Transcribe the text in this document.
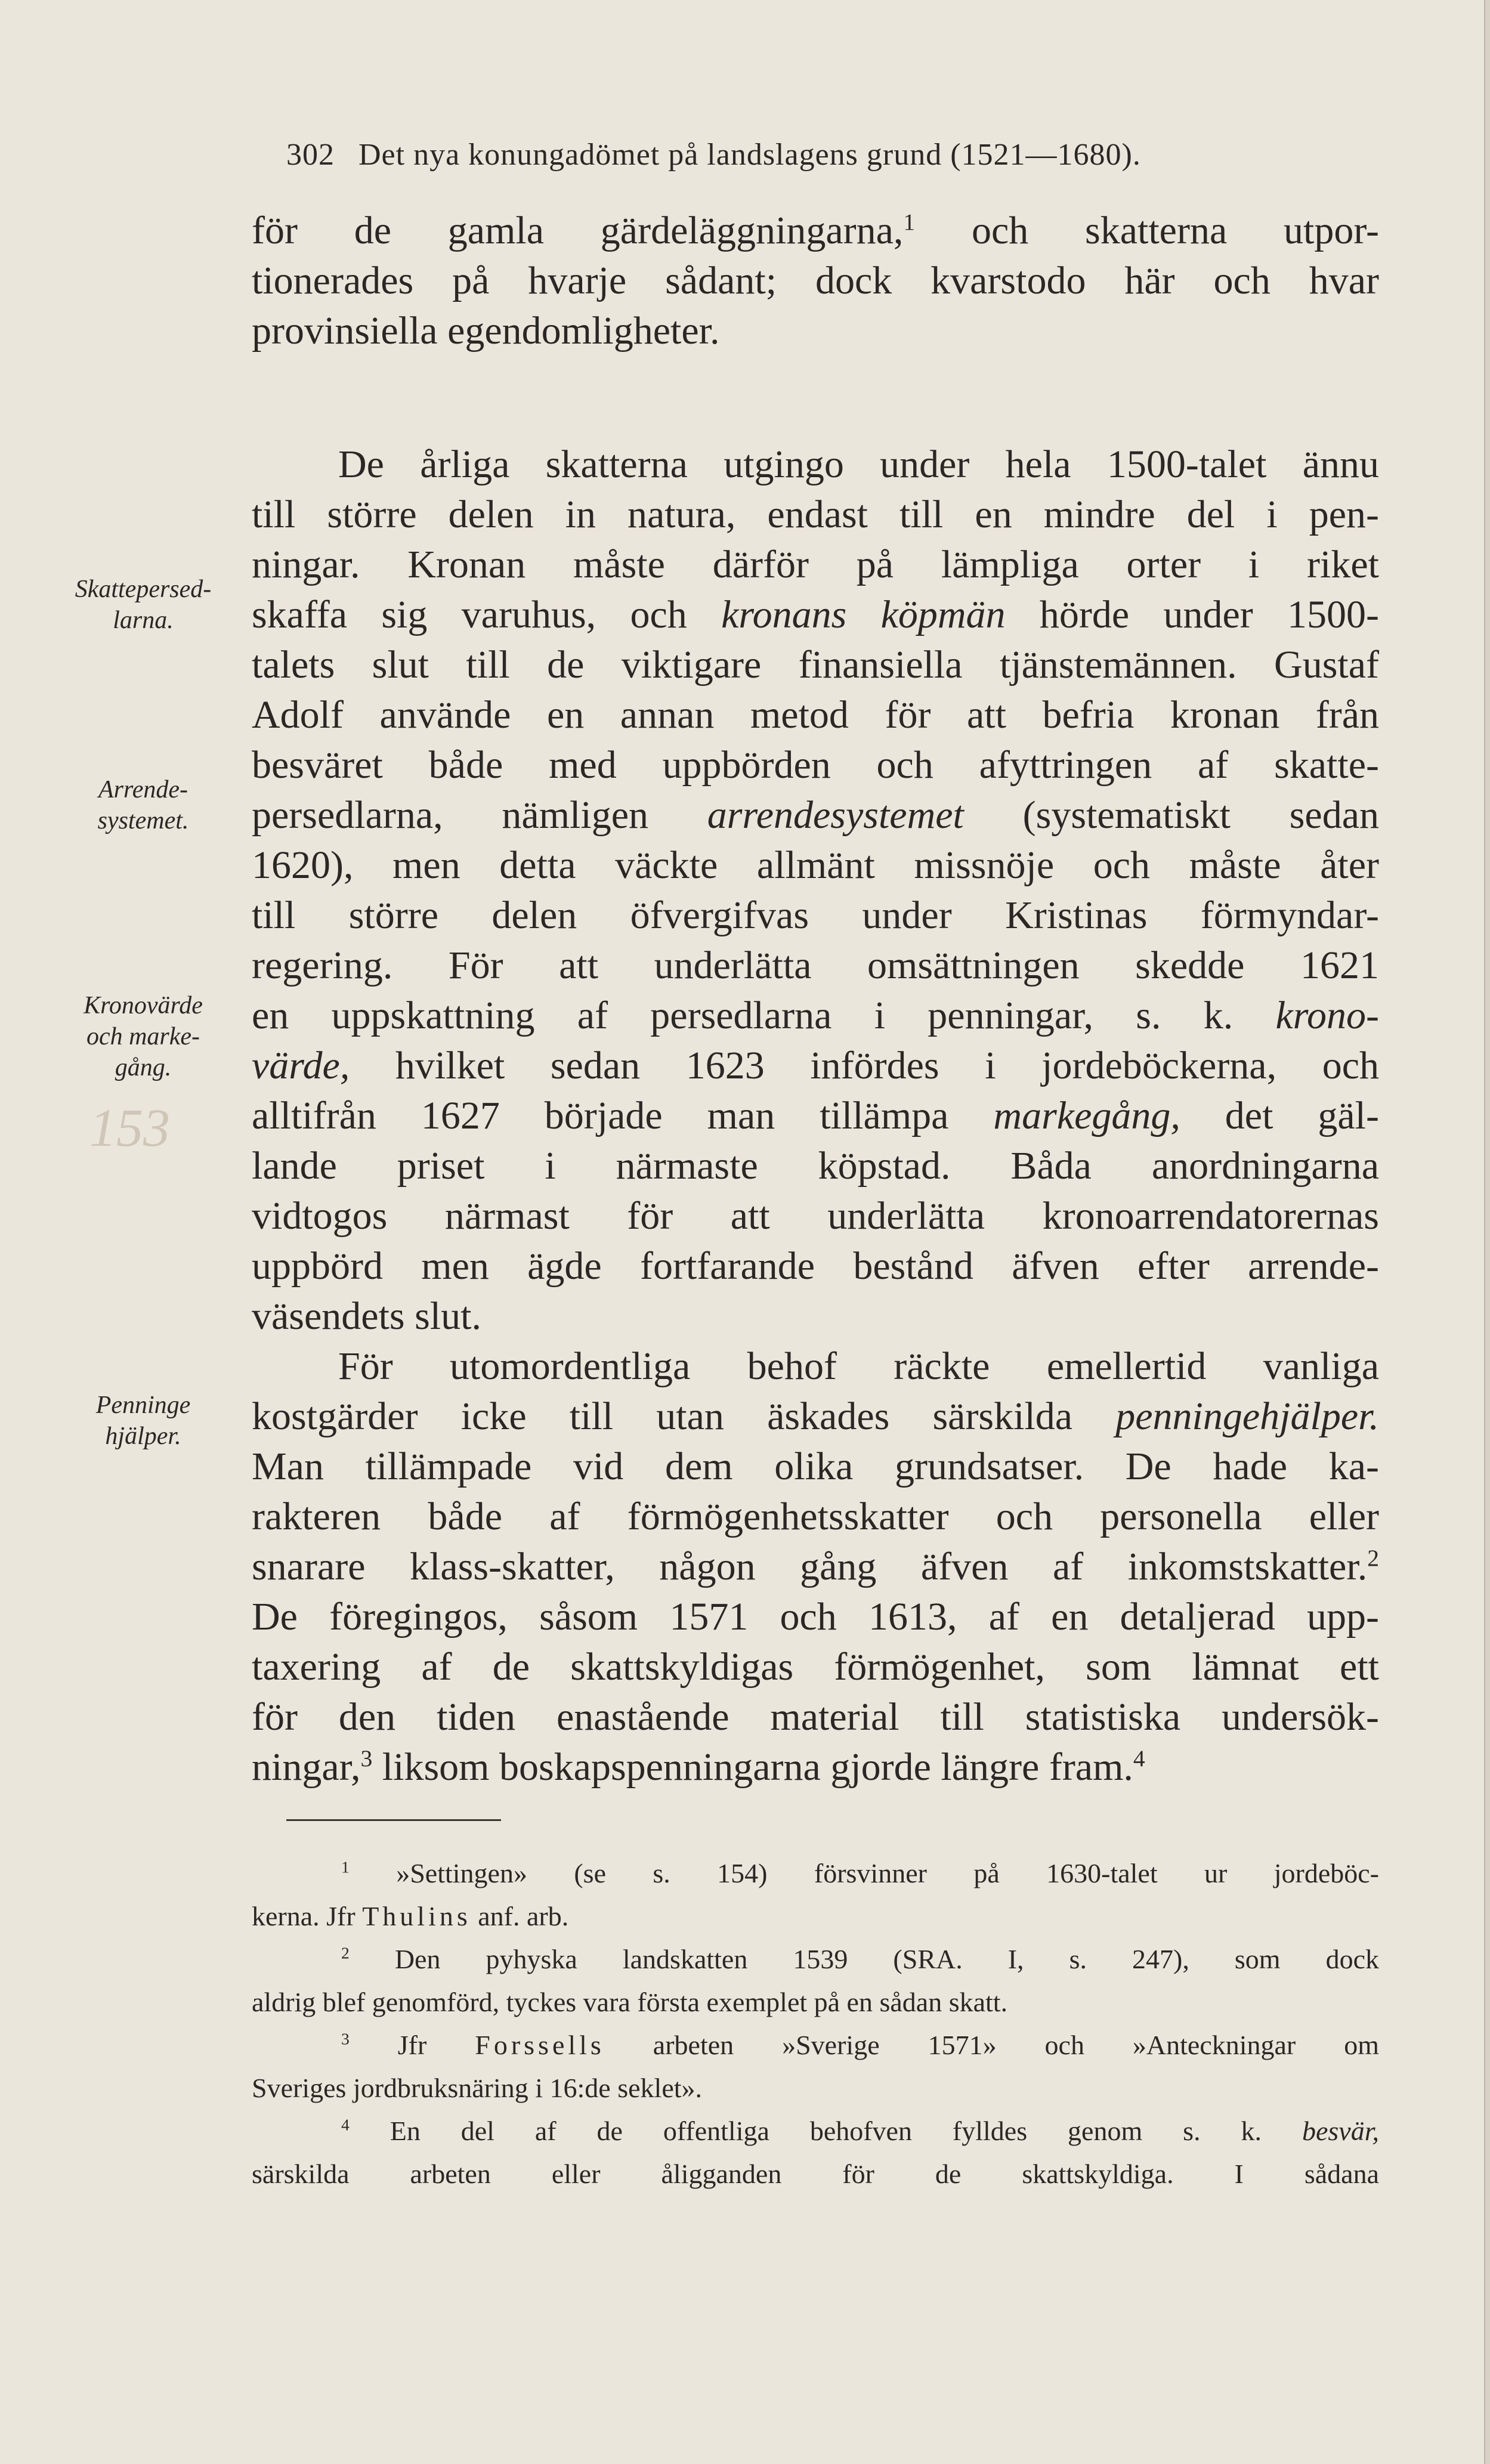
302 Det nya konungadömet på landslagens grund (1521—1680).
Skattepersed-
larna.
Arrende-
systemet.
Kronovärde
och marke-
gång.
153
Penninge
hjälper.

för de gamla gärdeläggningarna,$^1$ och skatterna utpor-
tionerades på hvarje sådant; dock kvarstodo här och hvar
provinsiella egendomligheter.

De årliga skatterna utgingo under hela 1500-talet ännu
till större delen in natura, endast till en mindre del i pen-
ningar. Kronan måste därför på lämpliga orter i riket
skaffa sig varuhus, och kronans köpmän hörde under 1500-
talets slut till de viktigare finansiella tjänstemännen. Gustaf
Adolf använde en annan metod för att befria kronan från
besväret både med uppbörden och afyttringen af skatte-
persedlarna, nämligen arrendesystemet (systematiskt sedan
1620), men detta väckte allmänt missnöje och måste åter
till större delen öfvergifvas under Kristinas förmyndar-
regering. För att underlätta omsättningen skedde 1621
en uppskattning af persedlarna i penningar, s. k. krono-
värde, hvilket sedan 1623 infördes i jordeböckerna, och
alltifrån 1627 började man tillämpa markegång, det gäl-
lande priset i närmaste köpstad. Båda anordningarna
vidtogos närmast för att underlätta kronoarrendatorernas
uppbörd men ägde fortfarande bestånd äfven efter arrende-
väsendets slut.

För utomordentliga behof räckte emellertid vanliga
kostgärder icke till utan äskades särskilda penningehjälper.
Man tillämpade vid dem olika grundsatser. De hade ka-
rakteren både af förmögenhetsskatter och personella eller
snarare klass-skatter, någon gång äfven af inkomstskatter.$^2$
De föregingos, såsom 1571 och 1613, af en detaljerad upp-
taxering af de skattskyldigas förmögenhet, som lämnat ett
för den tiden enastående material till statistiska undersök-
ningar,$^3$ liksom boskapspenningarna gjorde längre fram.$^4$

$^1$ »Settingen» (se s. 154) försvinner på 1630-talet ur jordeböc-
kerna. Jfr Thulins anf. arb.

$^2$ Den pyhyska landskatten 1539 (SRA. I, s. 247), som dock
aldrig blef genomförd, tyckes vara första exemplet på en sådan skatt.

$^3$ Jfr Forssells arbeten »Sverige 1571» och »Anteckningar om
Sveriges jordbruksnäring i 16:de seklet».

$^4$ En del af de offentliga behofven fylldes genom s. k. besvär,
särskilda arbeten eller åligganden för de skattskyldiga. I sådana
